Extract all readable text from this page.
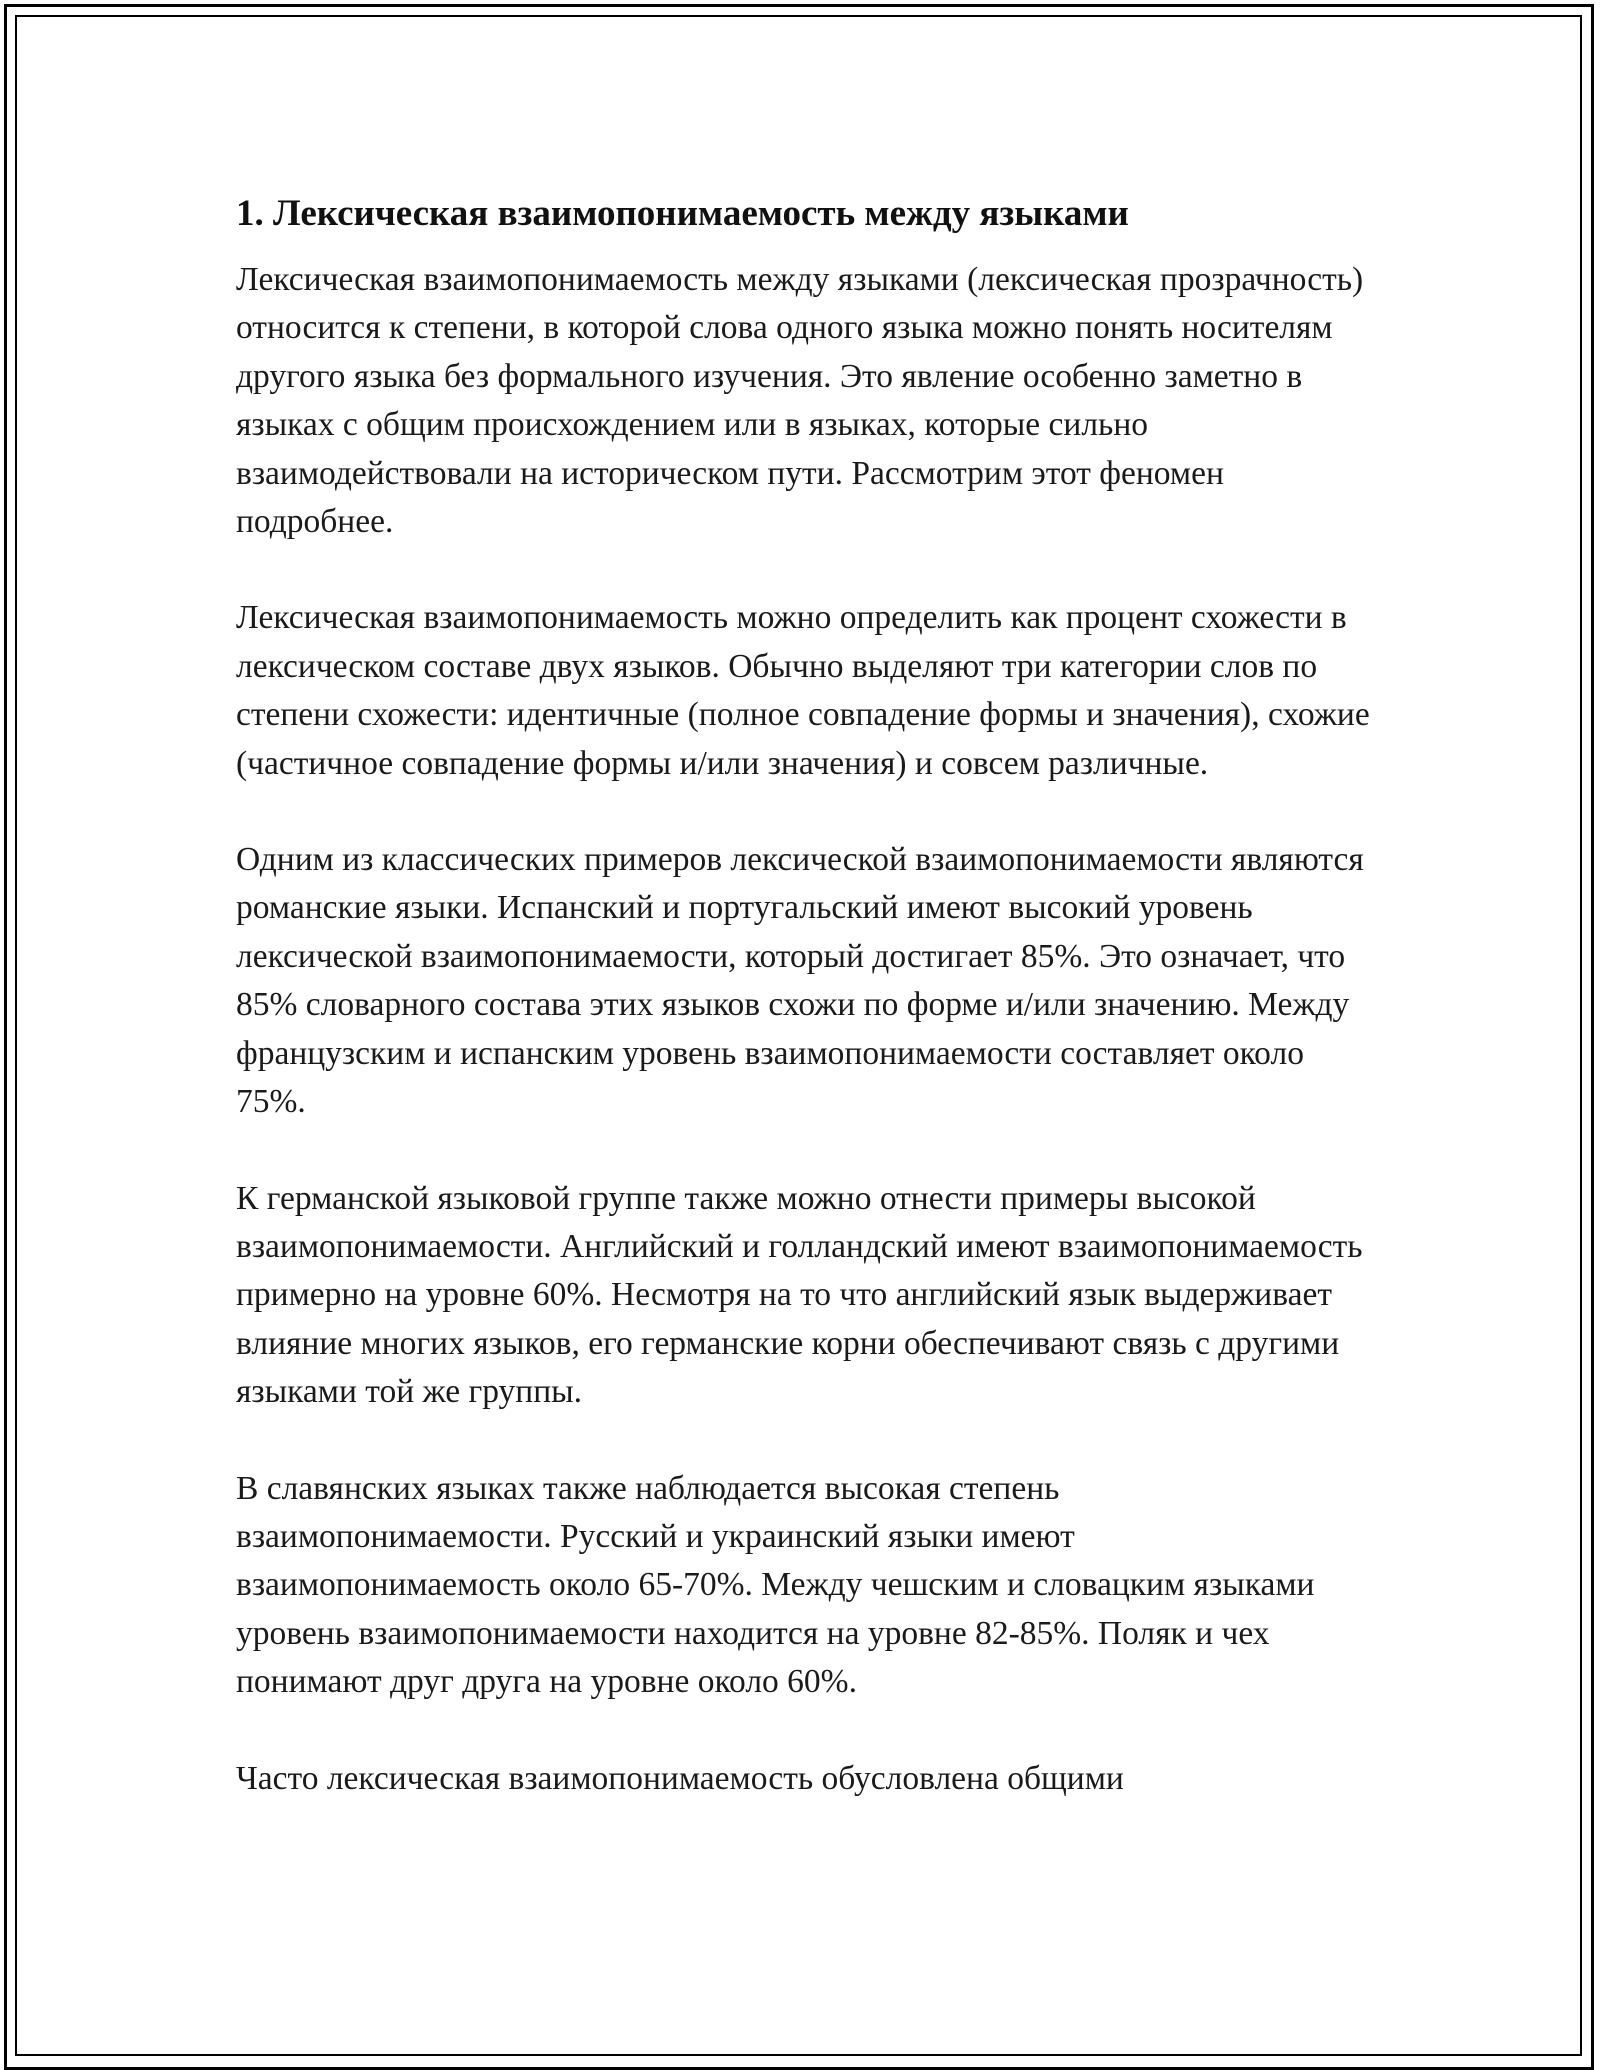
1. Лексическая взаимопонимаемость между языками

Лексическая взаимопонимаемость между языками (лексическая прозрачность) относится к степени, в которой слова одного языка можно понять носителям другого языка без формального изучения. Это явление особенно заметно в языках с общим происхождением или в языках, которые сильно взаимодействовали на историческом пути. Рассмотрим этот феномен подробнее.

Лексическая взаимопонимаемость можно определить как процент схожести в лексическом составе двух языков. Обычно выделяют три категории слов по степени схожести: идентичные (полное совпадение формы и значения), схожие (частичное совпадение формы и/или значения) и совсем различные.

Одним из классических примеров лексической взаимопонимаемости являются романские языки. Испанский и португальский имеют высокий уровень лексической взаимопонимаемости, который достигает 85%. Это означает, что 85% словарного состава этих языков схожи по форме и/или значению. Между французским и испанским уровень взаимопонимаемости составляет около 75%.

К германской языковой группе также можно отнести примеры высокой взаимопонимаемости. Английский и голландский имеют взаимопонимаемость примерно на уровне 60%. Несмотря на то что английский язык выдерживает влияние многих языков, его германские корни обеспечивают связь с другими языками той же группы.

В славянских языках также наблюдается высокая степень взаимопонимаемости. Русский и украинский языки имеют взаимопонимаемость около 65-70%. Между чешским и словацким языками уровень взаимопонимаемости находится на уровне 82-85%. Поляк и чех понимают друг друга на уровне около 60%.

Часто лексическая взаимопонимаемость обусловлена общими
